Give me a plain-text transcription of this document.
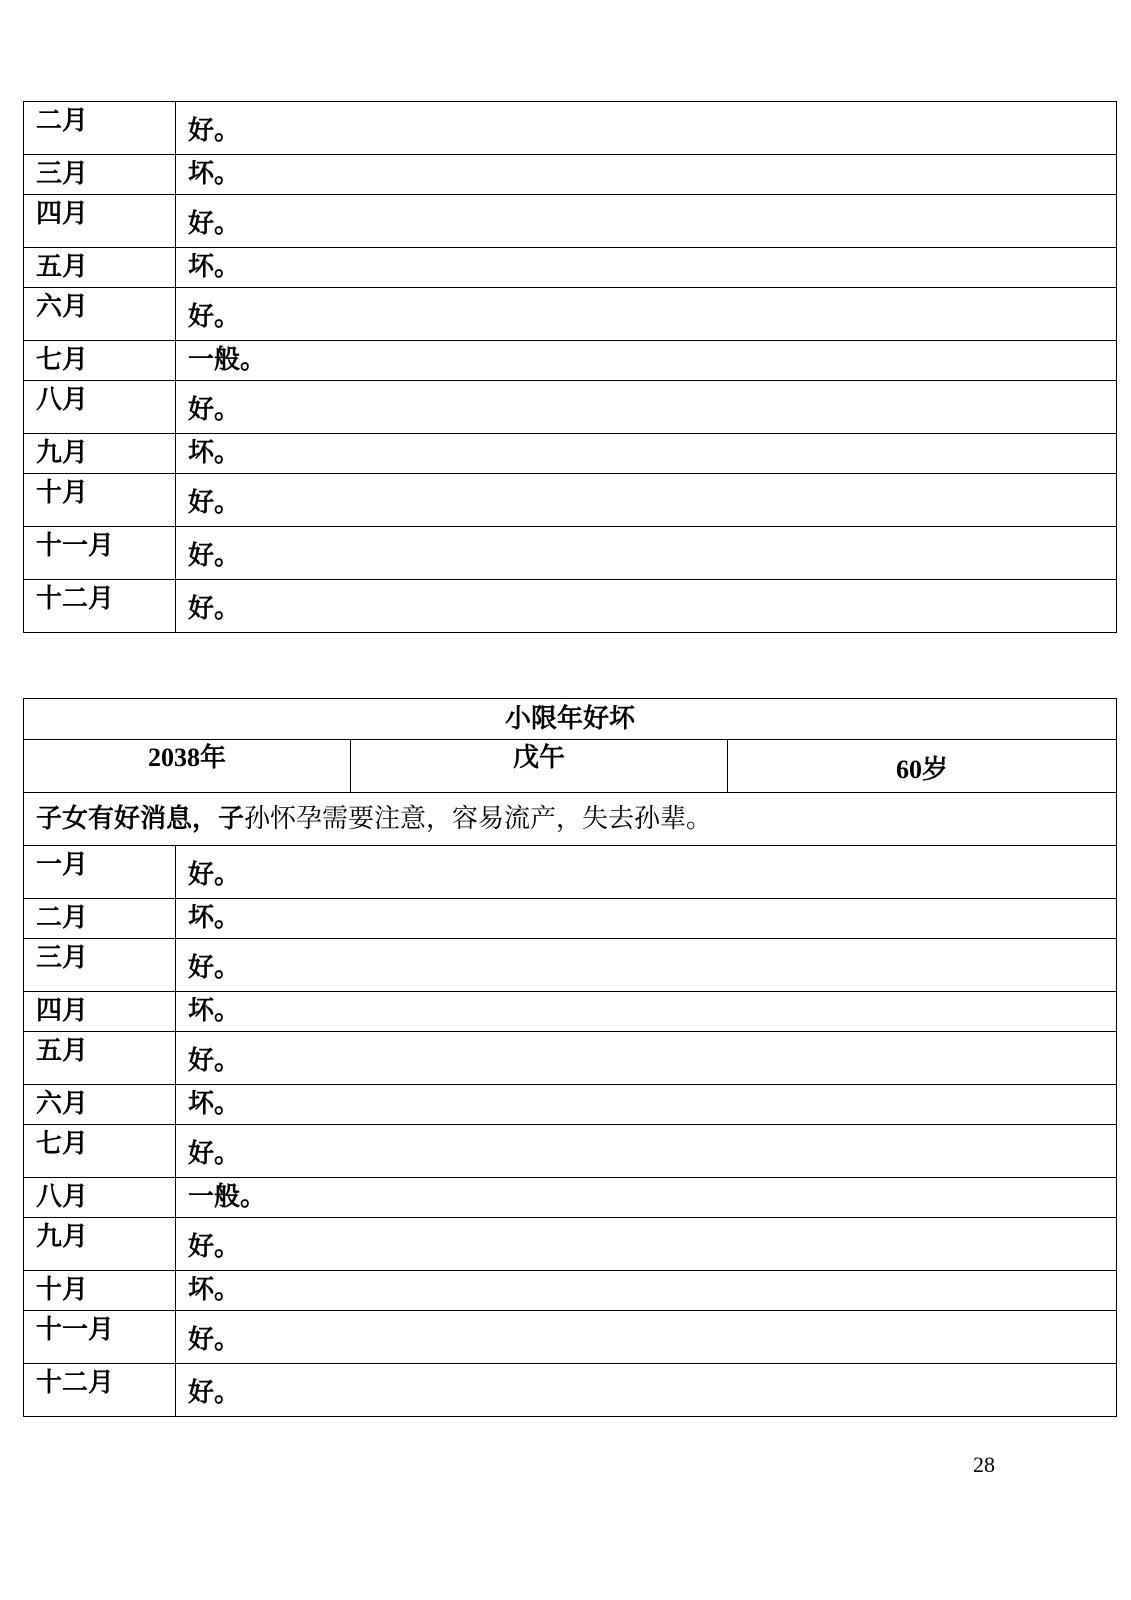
二月	好。
三月	坏。
四月	好。
五月	坏。
六月	好。
七月	一般。
八月	好。
九月	坏。
十月	好。
十一月	好。
十二月	好。
小限年好坏			
2038年		戊午	60岁
子女有好消息，子孙怀孕需要注意，容易流产，失去孙辈。			
一月	好。		
二月	坏。		
三月	好。		
四月	坏。		
五月	好。		
六月	坏。		
七月	好。		
八月	一般。		
九月	好。		
十月	坏。		
十一月	好。		
十二月	好。		
28
